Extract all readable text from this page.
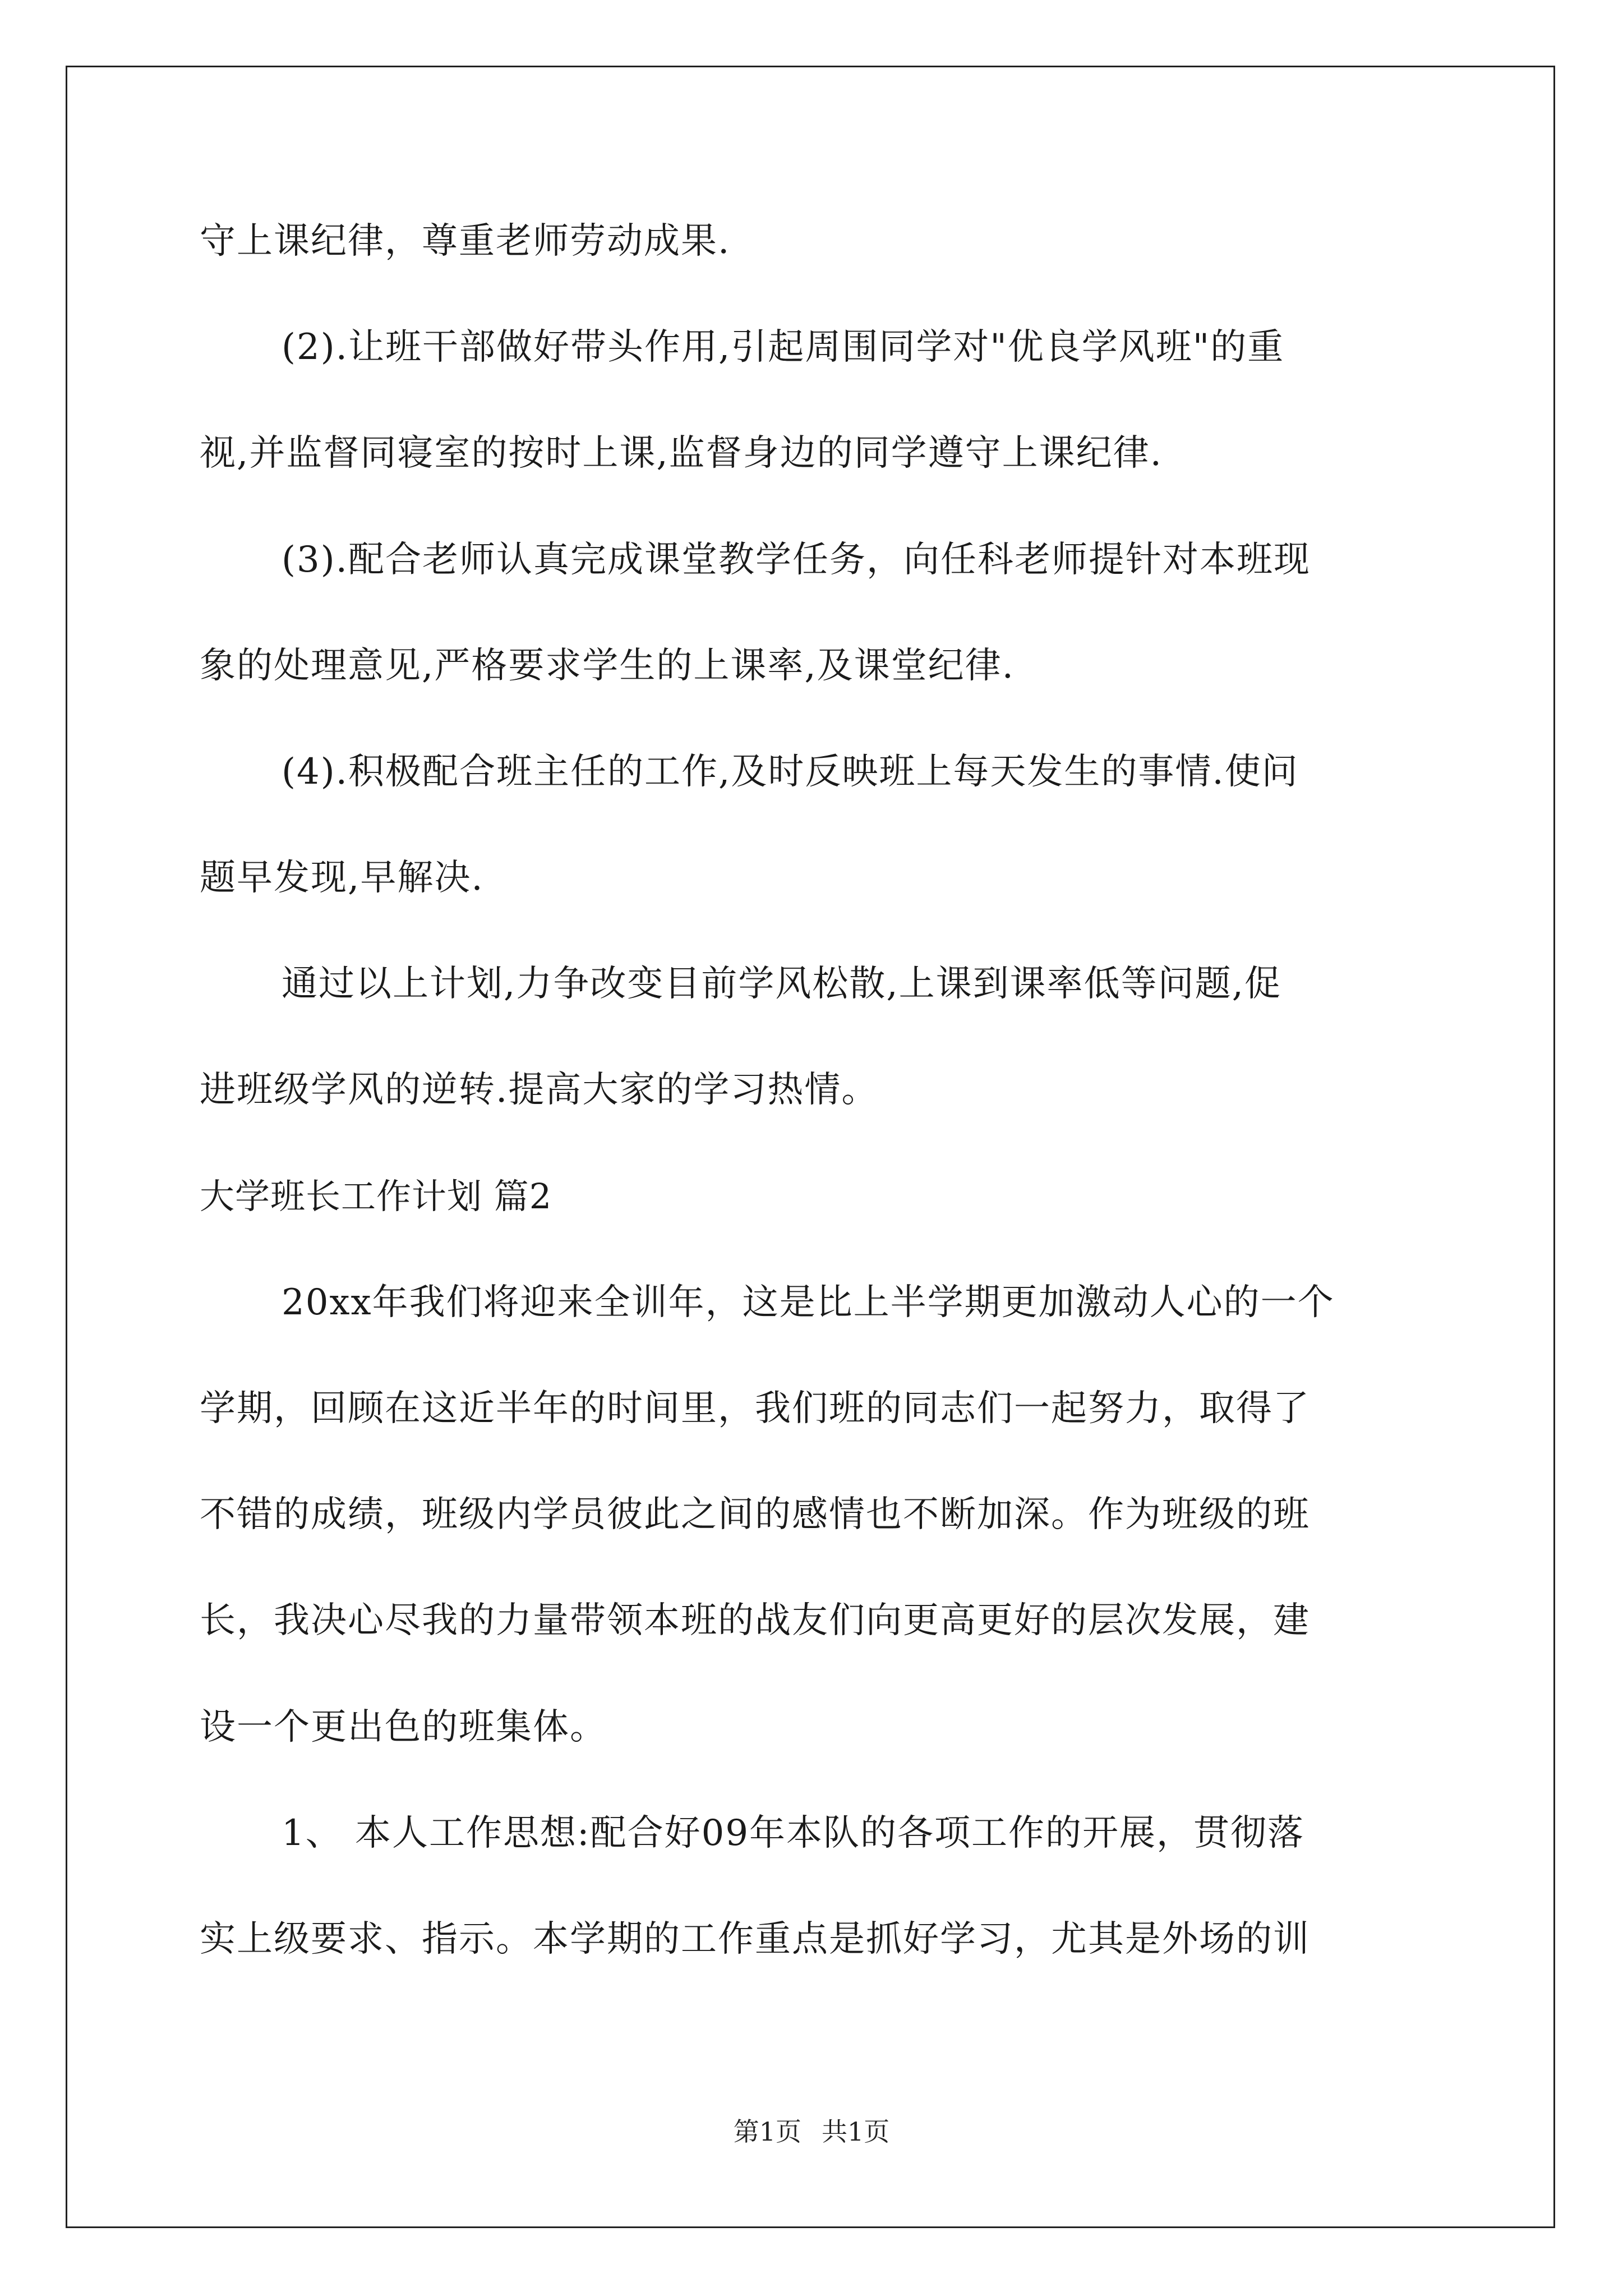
守上课纪律，尊重老师劳动成果.
(2).让班干部做好带头作用,引起周围同学对"优良学风班"的重
视,并监督同寝室的按时上课,监督身边的同学遵守上课纪律.
(3).配合老师认真完成课堂教学任务，向任科老师提针对本班现
象的处理意见,严格要求学生的上课率,及课堂纪律.
(4).积极配合班主任的工作,及时反映班上每天发生的事情.使问
题早发现,早解决.
通过以上计划,力争改变目前学风松散,上课到课率低等问题,促
进班级学风的逆转.提高大家的学习热情。
大学班长工作计划 篇2
20xx年我们将迎来全训年，这是比上半学期更加激动人心的一个
学期，回顾在这近半年的时间里，我们班的同志们一起努力，取得了
不错的成绩，班级内学员彼此之间的感情也不断加深。作为班级的班
长，我决心尽我的力量带领本班的战友们向更高更好的层次发展，建
设一个更出色的班集体。
1、 本人工作思想:配合好09年本队的各项工作的开展，贯彻落
实上级要求、指示。本学期的工作重点是抓好学习，尤其是外场的训
第1页 共1页
